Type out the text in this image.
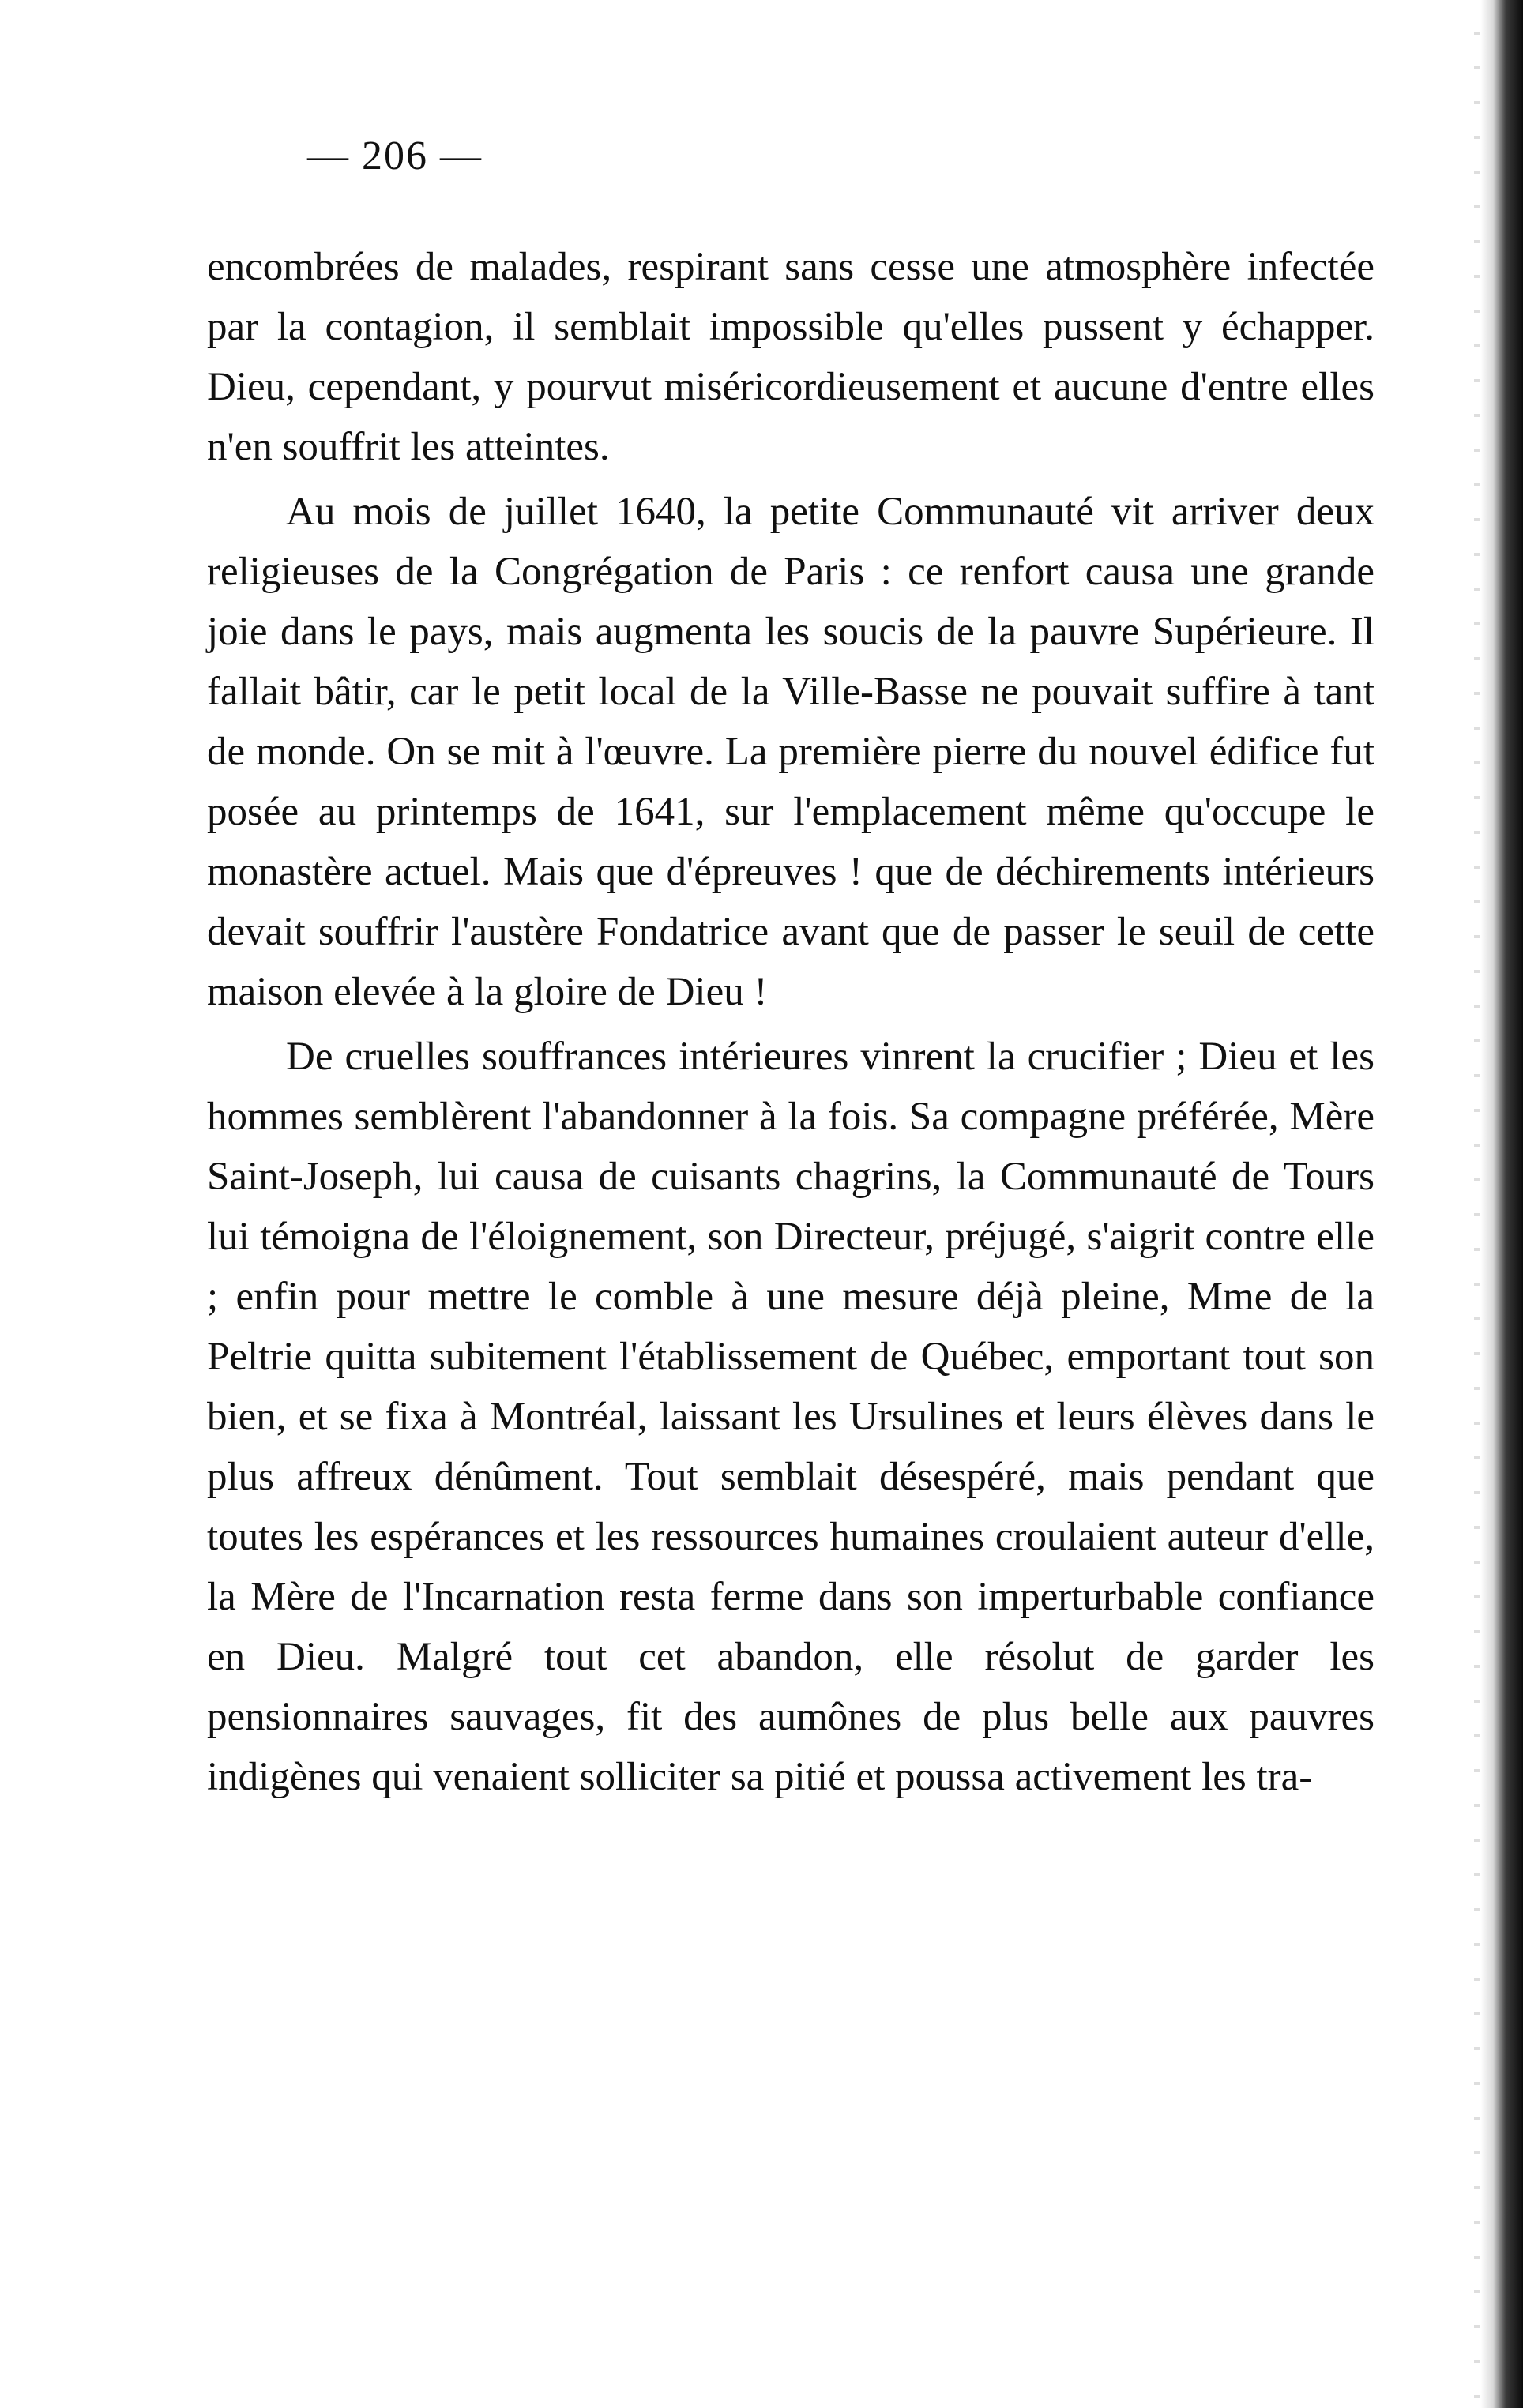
— 206 —

encombrées de malades, respirant sans cesse une atmosphère infectée par la contagion, il semblait impossible qu'elles pussent y échapper. Dieu, cependant, y pourvut miséricordieusement et aucune d'entre elles n'en souffrit les atteintes.

Au mois de juillet 1640, la petite Communauté vit arriver deux religieuses de la Congrégation de Paris : ce renfort causa une grande joie dans le pays, mais augmenta les soucis de la pauvre Supérieure. Il fallait bâtir, car le petit local de la Ville-Basse ne pouvait suffire à tant de monde. On se mit à l'œuvre. La première pierre du nouvel édifice fut posée au printemps de 1641, sur l'emplacement même qu'occupe le monastère actuel. Mais que d'épreuves ! que de déchirements intérieurs devait souffrir l'austère Fondatrice avant que de passer le seuil de cette maison elevée à la gloire de Dieu !

De cruelles souffrances intérieures vinrent la crucifier ; Dieu et les hommes semblèrent l'abandonner à la fois. Sa compagne préférée, Mère Saint-Joseph, lui causa de cuisants chagrins, la Communauté de Tours lui témoigna de l'éloignement, son Directeur, préjugé, s'aigrit contre elle ; enfin pour mettre le comble à une mesure déjà pleine, Mme de la Peltrie quitta subitement l'établissement de Québec, emportant tout son bien, et se fixa à Montréal, laissant les Ursulines et leurs élèves dans le plus affreux dénûment. Tout semblait désespéré, mais pendant que toutes les espérances et les ressources humaines croulaient auteur d'elle, la Mère de l'Incarnation resta ferme dans son imperturbable confiance en Dieu. Malgré tout cet abandon, elle résolut de garder les pensionnaires sauvages, fit des aumônes de plus belle aux pauvres indigènes qui venaient solliciter sa pitié et poussa activement les tra-
